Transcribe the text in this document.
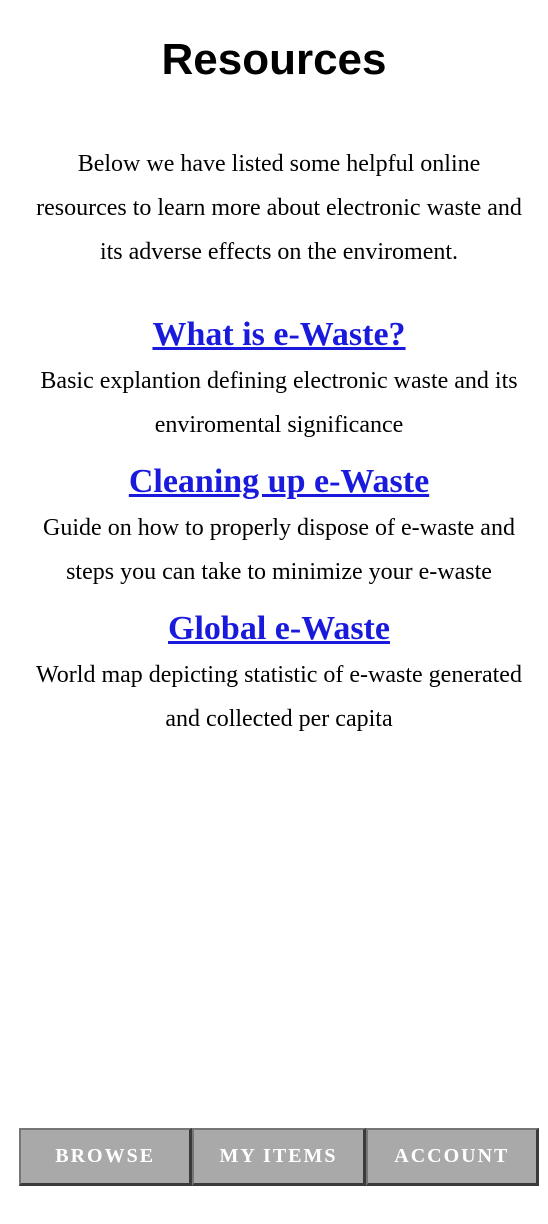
Resources

Below we have listed some helpful online resources to learn more about electronic waste and its adverse effects on the enviroment.

What is e-Waste?

Basic explantion defining electronic waste and its enviromental significance

Cleaning up e-Waste

Guide on how to properly dispose of e-waste and steps you can take to minimize your e-waste

Global e-Waste

World map depicting statistic of e-waste generated and collected per capita

BROWSE	MY ITEMS	ACCOUNT
